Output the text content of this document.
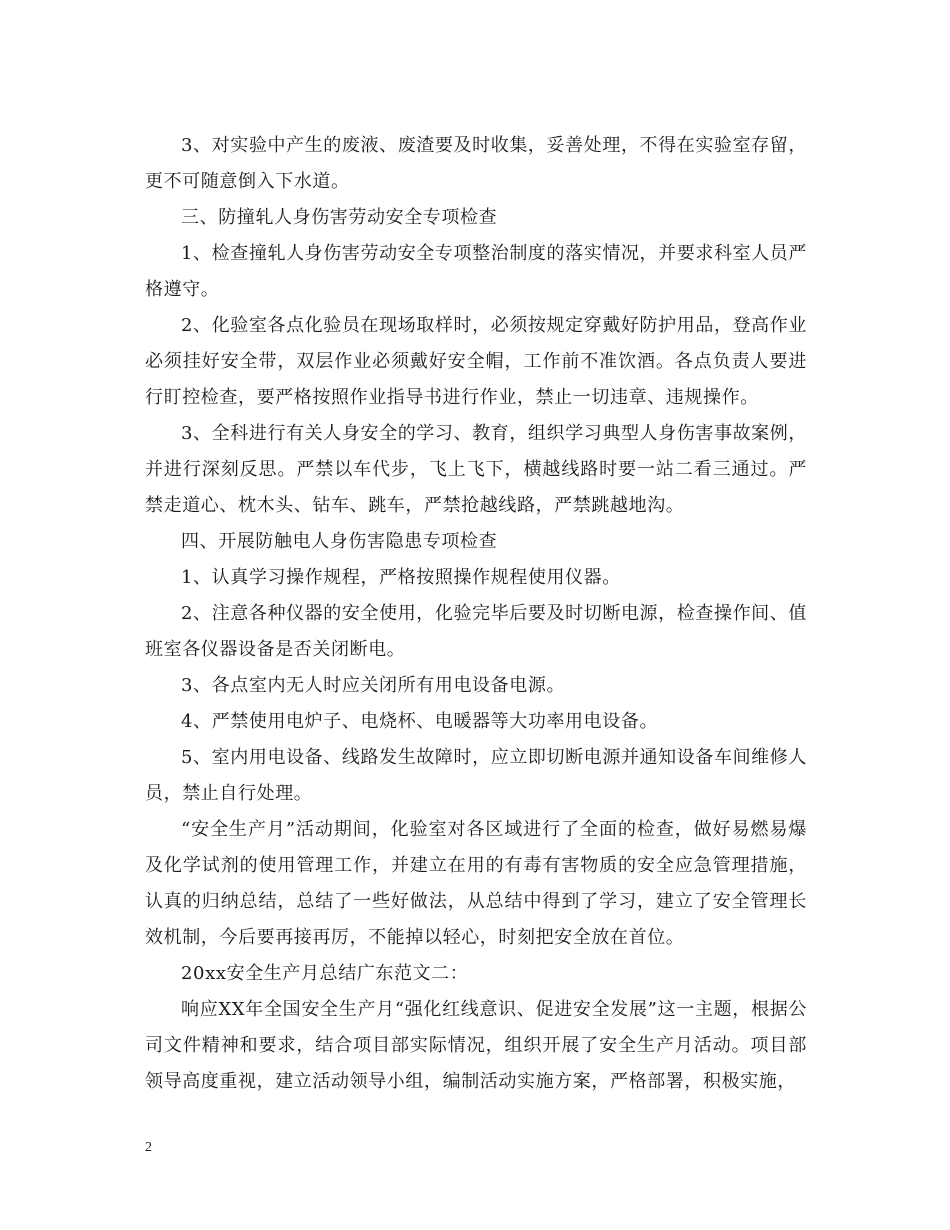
3、对实验中产生的废液、废渣要及时收集，妥善处理，不得在实验室存留，更不可随意倒入下水道。

三、防撞轧人身伤害劳动安全专项检查

1、检查撞轧人身伤害劳动安全专项整治制度的落实情况，并要求科室人员严格遵守。

2、化验室各点化验员在现场取样时，必须按规定穿戴好防护用品，登高作业必须挂好安全带，双层作业必须戴好安全帽，工作前不准饮酒。各点负责人要进行盯控检查，要严格按照作业指导书进行作业，禁止一切违章、违规操作。

3、全科进行有关人身安全的学习、教育，组织学习典型人身伤害事故案例，并进行深刻反思。严禁以车代步，飞上飞下，横越线路时要一站二看三通过。严禁走道心、枕木头、钻车、跳车，严禁抢越线路，严禁跳越地沟。

四、开展防触电人身伤害隐患专项检查

1、认真学习操作规程，严格按照操作规程使用仪器。

2、注意各种仪器的安全使用，化验完毕后要及时切断电源，检查操作间、值班室各仪器设备是否关闭断电。

3、各点室内无人时应关闭所有用电设备电源。

4、严禁使用电炉子、电烧杯、电暖器等大功率用电设备。

5、室内用电设备、线路发生故障时，应立即切断电源并通知设备车间维修人员，禁止自行处理。

“安全生产月”活动期间，化验室对各区域进行了全面的检查，做好易燃易爆及化学试剂的使用管理工作，并建立在用的有毒有害物质的安全应急管理措施，认真的归纳总结，总结了一些好做法，从总结中得到了学习，建立了安全管理长效机制，今后要再接再厉，不能掉以轻心，时刻把安全放在首位。

20xx安全生产月总结广东范文二：

响应XX年全国安全生产月“强化红线意识、促进安全发展”这一主题，根据公司文件精神和要求，结合项目部实际情况，组织开展了安全生产月活动。项目部领导高度重视，建立活动领导小组，编制活动实施方案，严格部署，积极实施，

2
